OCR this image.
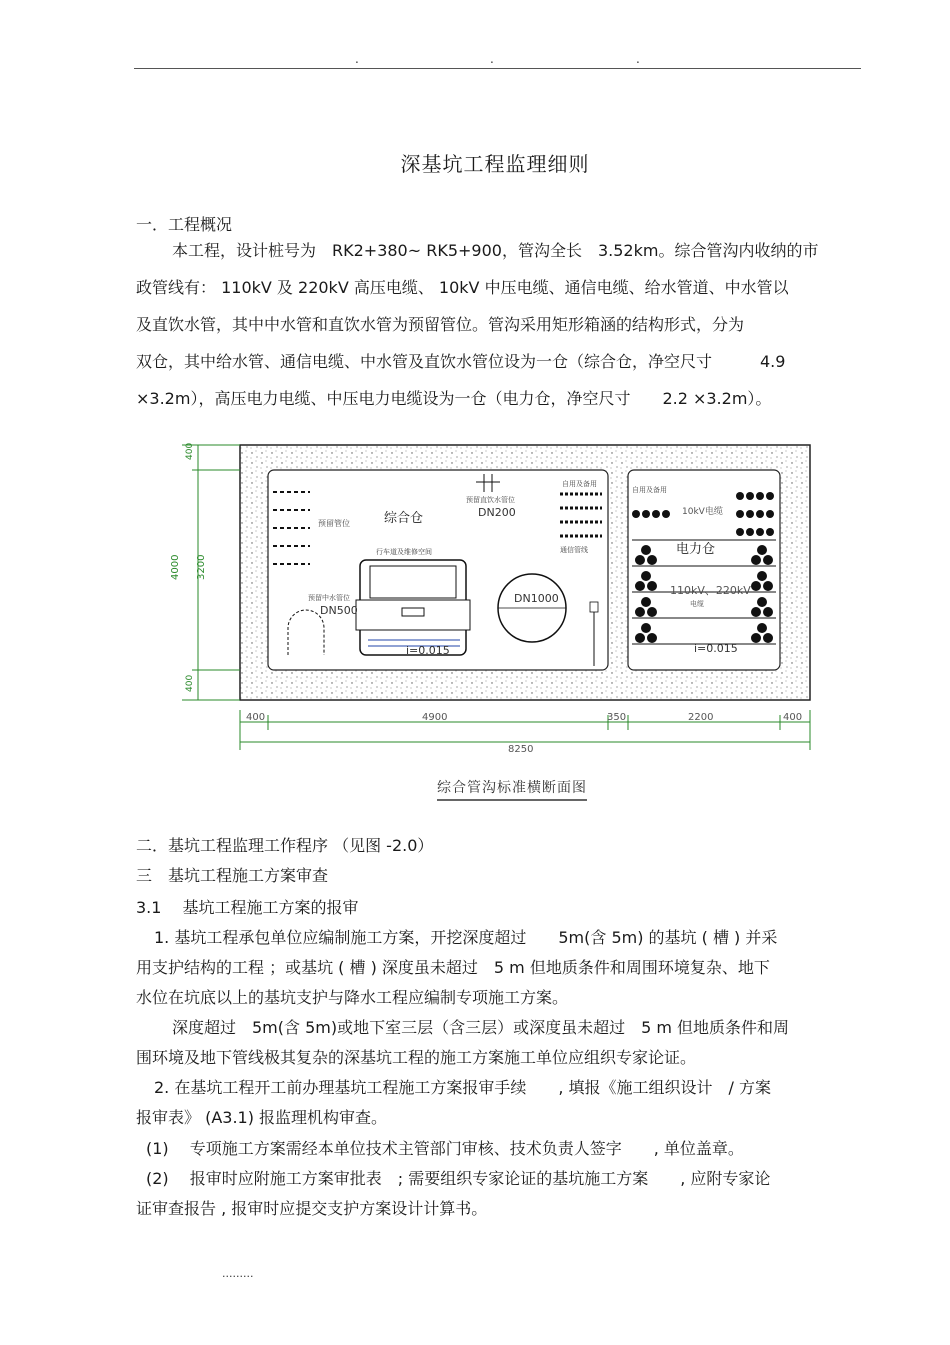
.	.	.
深基坑工程监理细则
一．工程概况
本工程，设计桩号为　RK2+380~ RK5+900，管沟全长　3.52km。综合管沟内收纳的市
政管线有： 110kV 及 220kV 高压电缆、 10kV 中压电缆、通信电缆、给水管道、中水管以
及直饮水管，其中中水管和直饮水管为预留管位。管沟采用矩形箱涵的结构形式，分为
双仓，其中给水管、通信电缆、中水管及直饮水管位设为一仓（综合仓，净空尺寸　　　4.9
×3.2m），高压电力电缆、中压电力电缆设为一仓（电力仓，净空尺寸　　2.2 ×3.2m）。
400
4000 3200
400
400	4900	350	2200	400
8250
预留管位	综合仓
预留直饮水管位
DN200
自用及备用
通信管线
行车道及维修空间
预留中水管位
DN500
DN1000
i=0.015
自用及备用
10kV电缆
电力仓
110kV、220kV
电缆
i=0.015
综合管沟标准横断面图
二．基坑工程监理工作程序 （见图 -2.0）
三　基坑工程施工方案审查
3.1　 基坑工程施工方案的报审
1. 基坑工程承包单位应编制施工方案，开挖深度超过　　5m(含 5m) 的基坑 ( 槽 ) 并采
用支护结构的工程 ；或基坑 ( 槽 ) 深度虽未超过　5 m 但地质条件和周围环境复杂、地下
水位在坑底以上的基坑支护与降水工程应编制专项施工方案。
深度超过　5m(含 5m)或地下室三层（含三层）或深度虽未超过　5 m 但地质条件和周
围环境及地下管线极其复杂的深基坑工程的施工方案施工单位应组织专家论证。
2. 在基坑工程开工前办理基坑工程施工方案报审手续　　, 填报《施工组织设计　/ 方案
报审表》 (A3.1) 报监理机构审查。
(1)　 专项施工方案需经本单位技术主管部门审核、技术负责人签字　　, 单位盖章。
(2)　 报审时应附施工方案审批表　; 需要组织专家论证的基坑施工方案　　, 应附专家论
证审查报告 , 报审时应提交支护方案设计计算书。
.........
